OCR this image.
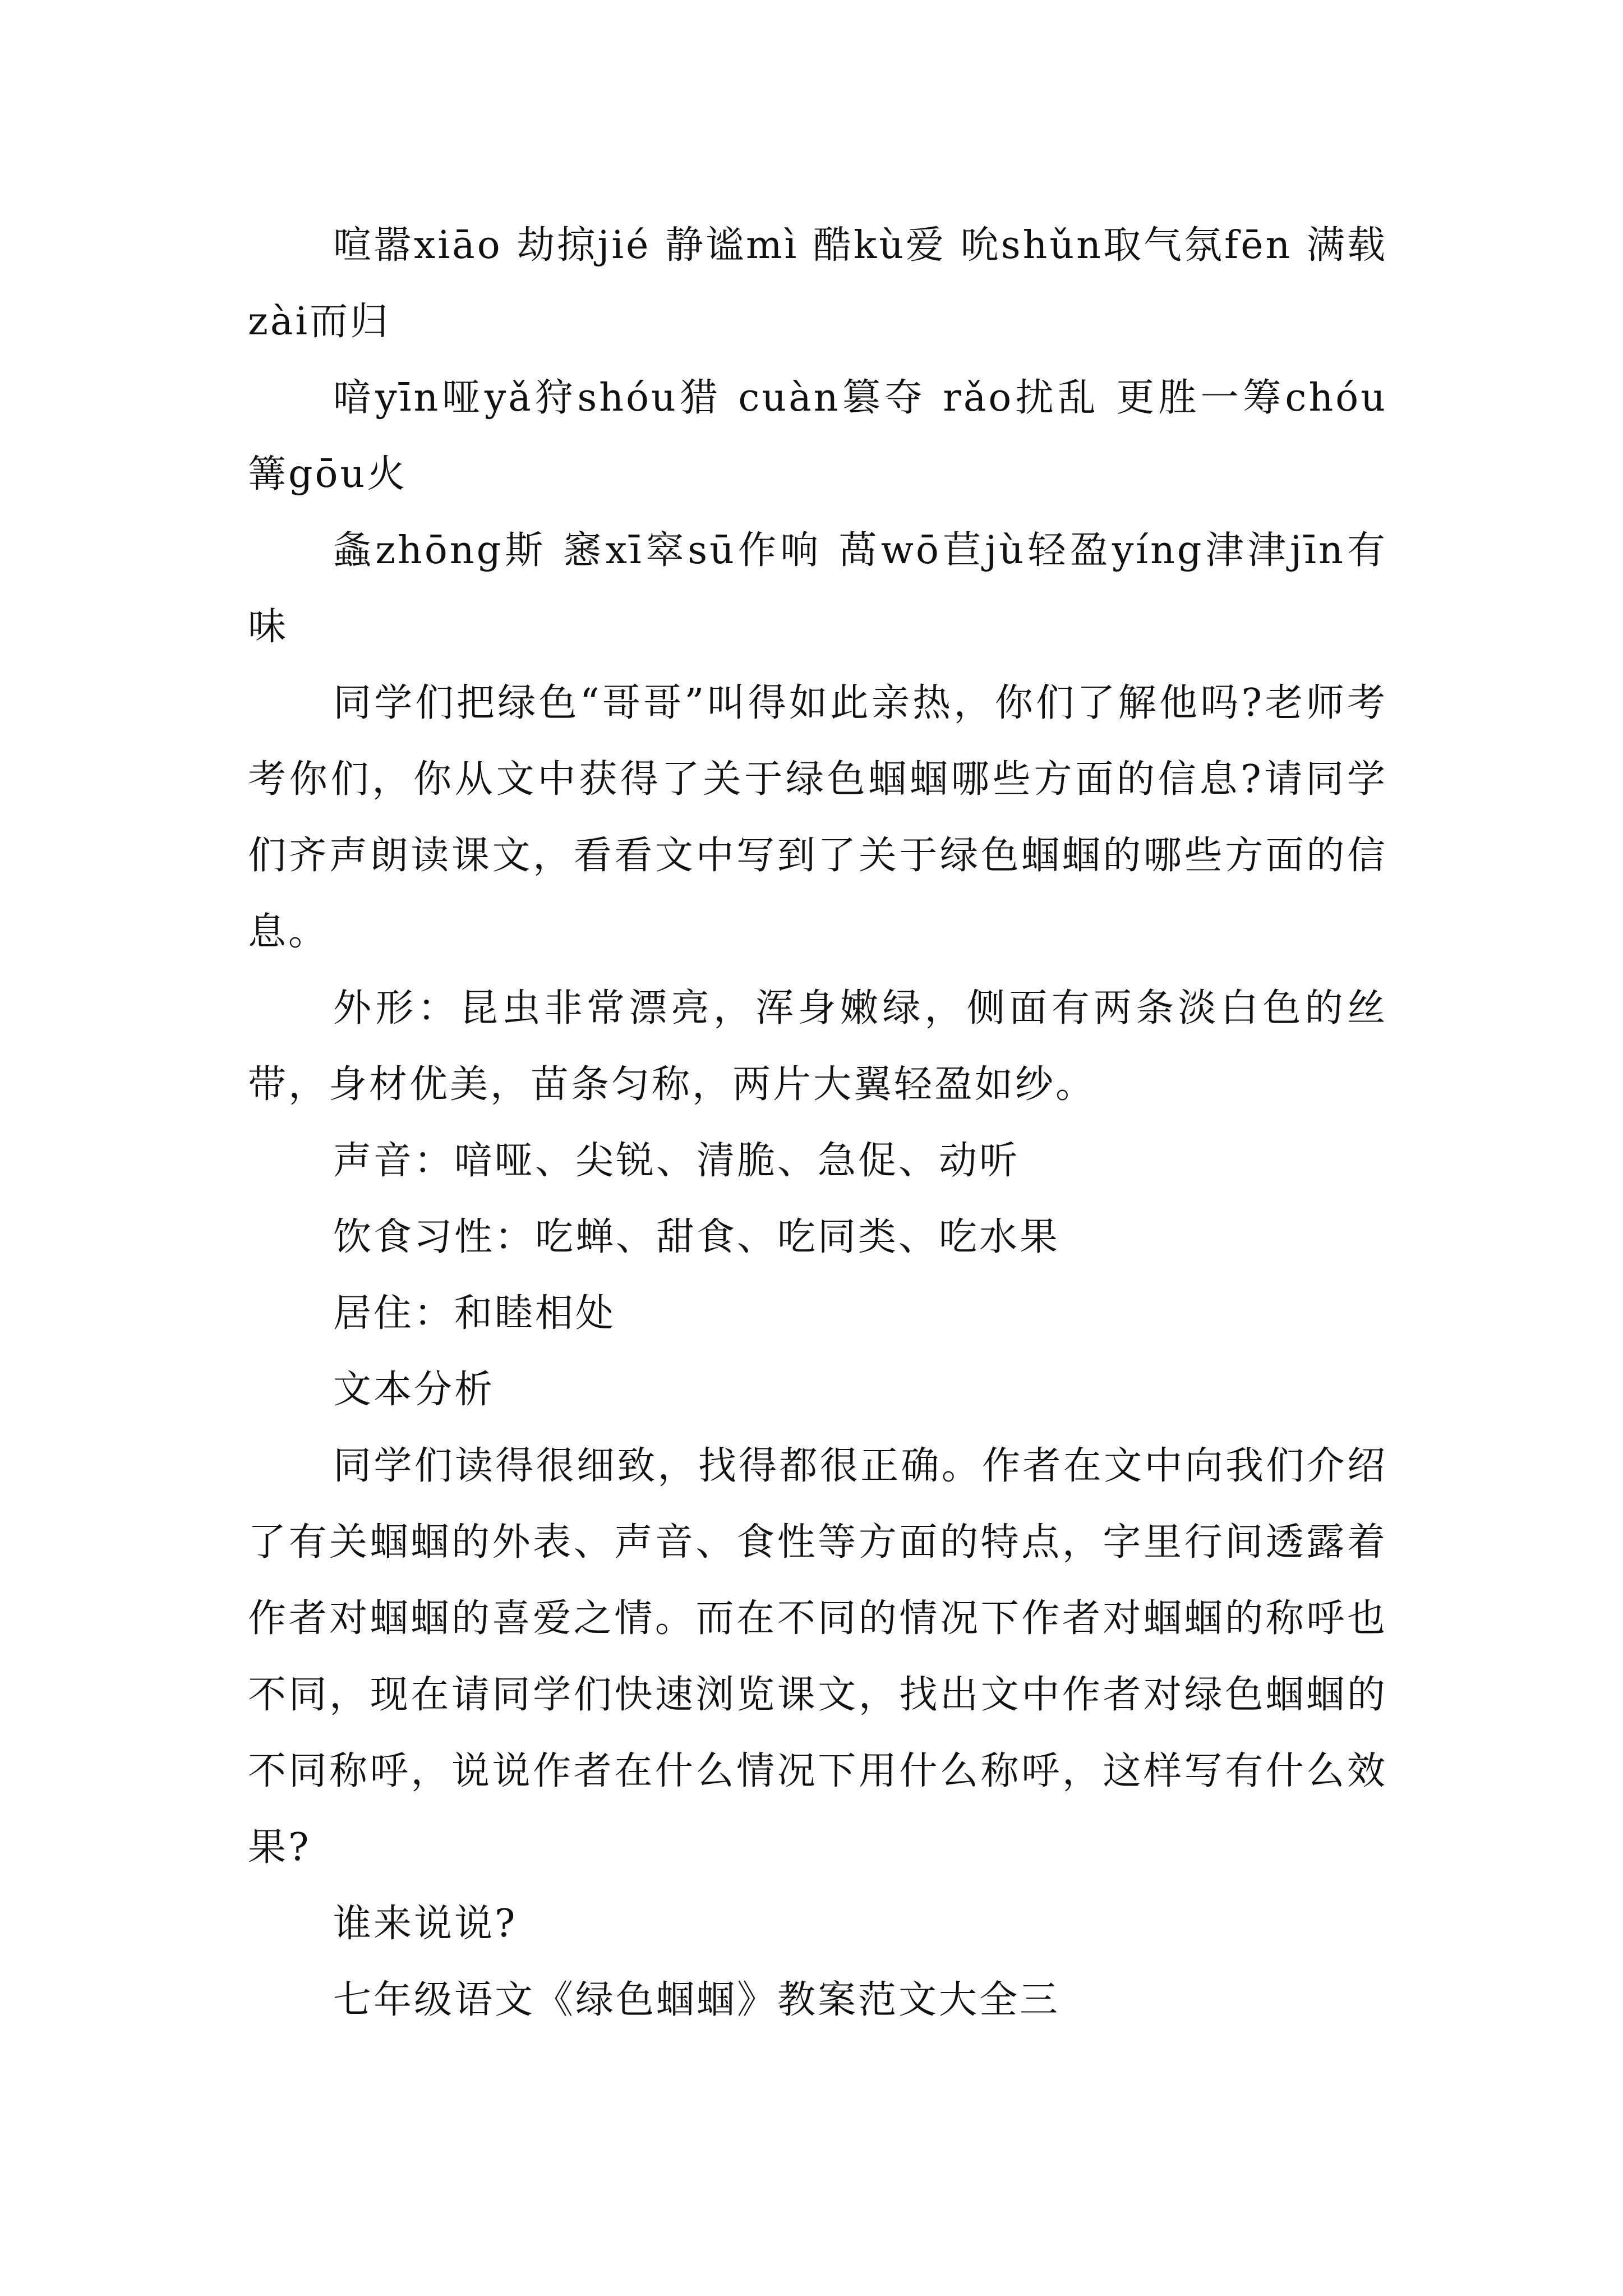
喧嚣xiāo 劫掠jié 静谧mì 酷kù爱 吮shǔn取气氛fēn 满载zài而归

喑yīn哑yǎ狩shóu猎 cuàn篡夺 rǎo扰乱 更胜一筹chóu 篝gōu火

螽zhōng斯 窸xī窣sū作响 萵wō苣jù轻盈yíng津津jīn有味

同学们把绿色“哥哥”叫得如此亲热，你们了解他吗?老师考考你们，你从文中获得了关于绿色蝈蝈哪些方面的信息?请同学们齐声朗读课文，看看文中写到了关于绿色蝈蝈的哪些方面的信息。

外形：昆虫非常漂亮，浑身嫩绿，侧面有两条淡白色的丝带，身材优美，苗条匀称，两片大翼轻盈如纱。

声音：喑哑、尖锐、清脆、急促、动听

饮食习性：吃蝉、甜食、吃同类、吃水果

居住：和睦相处

文本分析

同学们读得很细致，找得都很正确。作者在文中向我们介绍了有关蝈蝈的外表、声音、食性等方面的特点，字里行间透露着作者对蝈蝈的喜爱之情。而在不同的情况下作者对蝈蝈的称呼也不同，现在请同学们快速浏览课文，找出文中作者对绿色蝈蝈的不同称呼，说说作者在什么情况下用什么称呼，这样写有什么效果?

谁来说说?

七年级语文《绿色蝈蝈》教案范文大全三
